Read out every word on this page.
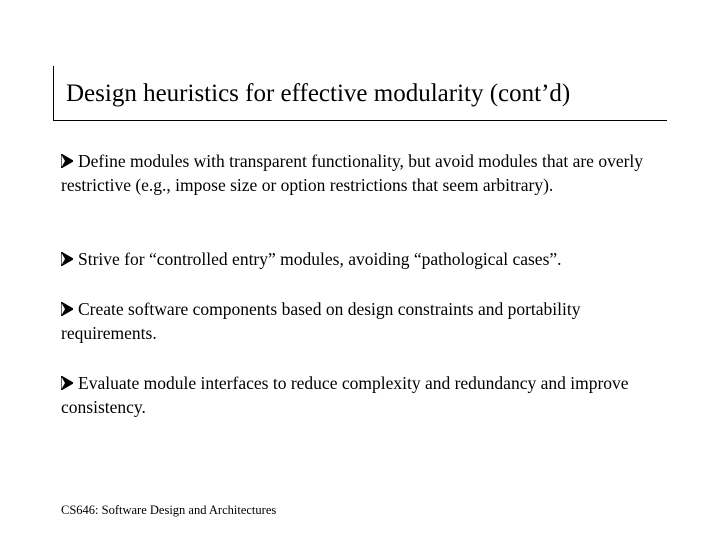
Design heuristics for effective modularity (cont’d)
Define modules with transparent functionality, but avoid modules that are overly restrictive (e.g., impose size or option restrictions that seem arbitrary).
Strive for “controlled entry” modules, avoiding “pathological cases”.
Create software components based on design constraints and portability requirements.
Evaluate module interfaces to reduce complexity and redundancy and improve consistency.
CS646: Software Design and Architectures
